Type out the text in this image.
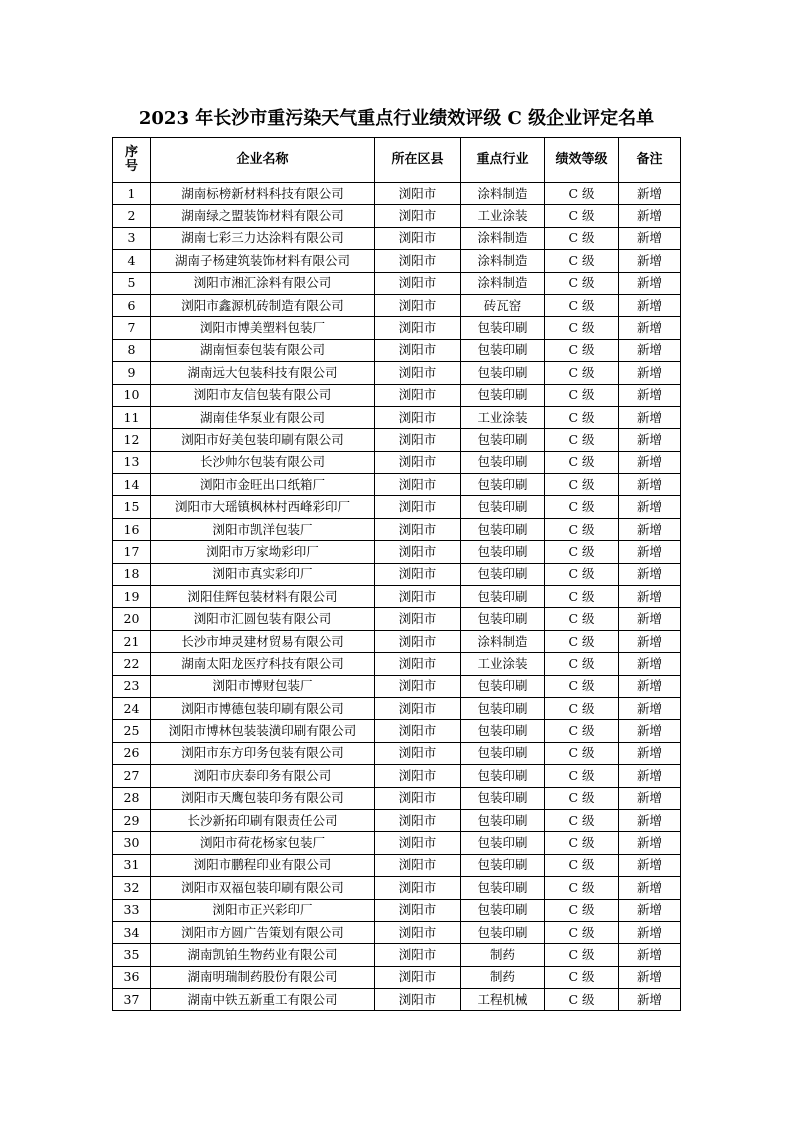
2023 年长沙市重污染天气重点行业绩效评级 C 级企业评定名单
序
号	企业名称	所在区县	重点行业	绩效等级	备注
1	湖南标榜新材料科技有限公司	浏阳市	涂料制造	C 级	新增
2	湖南绿之盟装饰材料有限公司	浏阳市	工业涂装	C 级	新增
3	湖南七彩三力达涂料有限公司	浏阳市	涂料制造	C 级	新增
4	湖南子杨建筑装饰材料有限公司	浏阳市	涂料制造	C 级	新增
5	浏阳市湘汇涂料有限公司	浏阳市	涂料制造	C 级	新增
6	浏阳市鑫源机砖制造有限公司	浏阳市	砖瓦窑	C 级	新增
7	浏阳市博美塑料包装厂	浏阳市	包装印刷	C 级	新增
8	湖南恒泰包装有限公司	浏阳市	包装印刷	C 级	新增
9	湖南远大包装科技有限公司	浏阳市	包装印刷	C 级	新增
10	浏阳市友信包装有限公司	浏阳市	包装印刷	C 级	新增
11	湖南佳华泵业有限公司	浏阳市	工业涂装	C 级	新增
12	浏阳市好美包装印刷有限公司	浏阳市	包装印刷	C 级	新增
13	长沙帅尔包装有限公司	浏阳市	包装印刷	C 级	新增
14	浏阳市金旺出口纸箱厂	浏阳市	包装印刷	C 级	新增
15	浏阳市大瑶镇枫林村西峰彩印厂	浏阳市	包装印刷	C 级	新增
16	浏阳市凯洋包装厂	浏阳市	包装印刷	C 级	新增
17	浏阳市万家坳彩印厂	浏阳市	包装印刷	C 级	新增
18	浏阳市真实彩印厂	浏阳市	包装印刷	C 级	新增
19	浏阳佳辉包装材料有限公司	浏阳市	包装印刷	C 级	新增
20	浏阳市汇圆包装有限公司	浏阳市	包装印刷	C 级	新增
21	长沙市坤灵建材贸易有限公司	浏阳市	涂料制造	C 级	新增
22	湖南太阳龙医疗科技有限公司	浏阳市	工业涂装	C 级	新增
23	浏阳市博财包装厂	浏阳市	包装印刷	C 级	新增
24	浏阳市博德包装印刷有限公司	浏阳市	包装印刷	C 级	新增
25	浏阳市博林包装装潢印刷有限公司	浏阳市	包装印刷	C 级	新增
26	浏阳市东方印务包装有限公司	浏阳市	包装印刷	C 级	新增
27	浏阳市庆泰印务有限公司	浏阳市	包装印刷	C 级	新增
28	浏阳市天鹰包装印务有限公司	浏阳市	包装印刷	C 级	新增
29	长沙新拓印刷有限责任公司	浏阳市	包装印刷	C 级	新增
30	浏阳市荷花杨家包装厂	浏阳市	包装印刷	C 级	新增
31	浏阳市鹏程印业有限公司	浏阳市	包装印刷	C 级	新增
32	浏阳市双福包装印刷有限公司	浏阳市	包装印刷	C 级	新增
33	浏阳市正兴彩印厂	浏阳市	包装印刷	C 级	新增
34	浏阳市方圆广告策划有限公司	浏阳市	包装印刷	C 级	新增
35	湖南凯铂生物药业有限公司	浏阳市	制药	C 级	新增
36	湖南明瑞制药股份有限公司	浏阳市	制药	C 级	新增
37	湖南中铁五新重工有限公司	浏阳市	工程机械	C 级	新增
